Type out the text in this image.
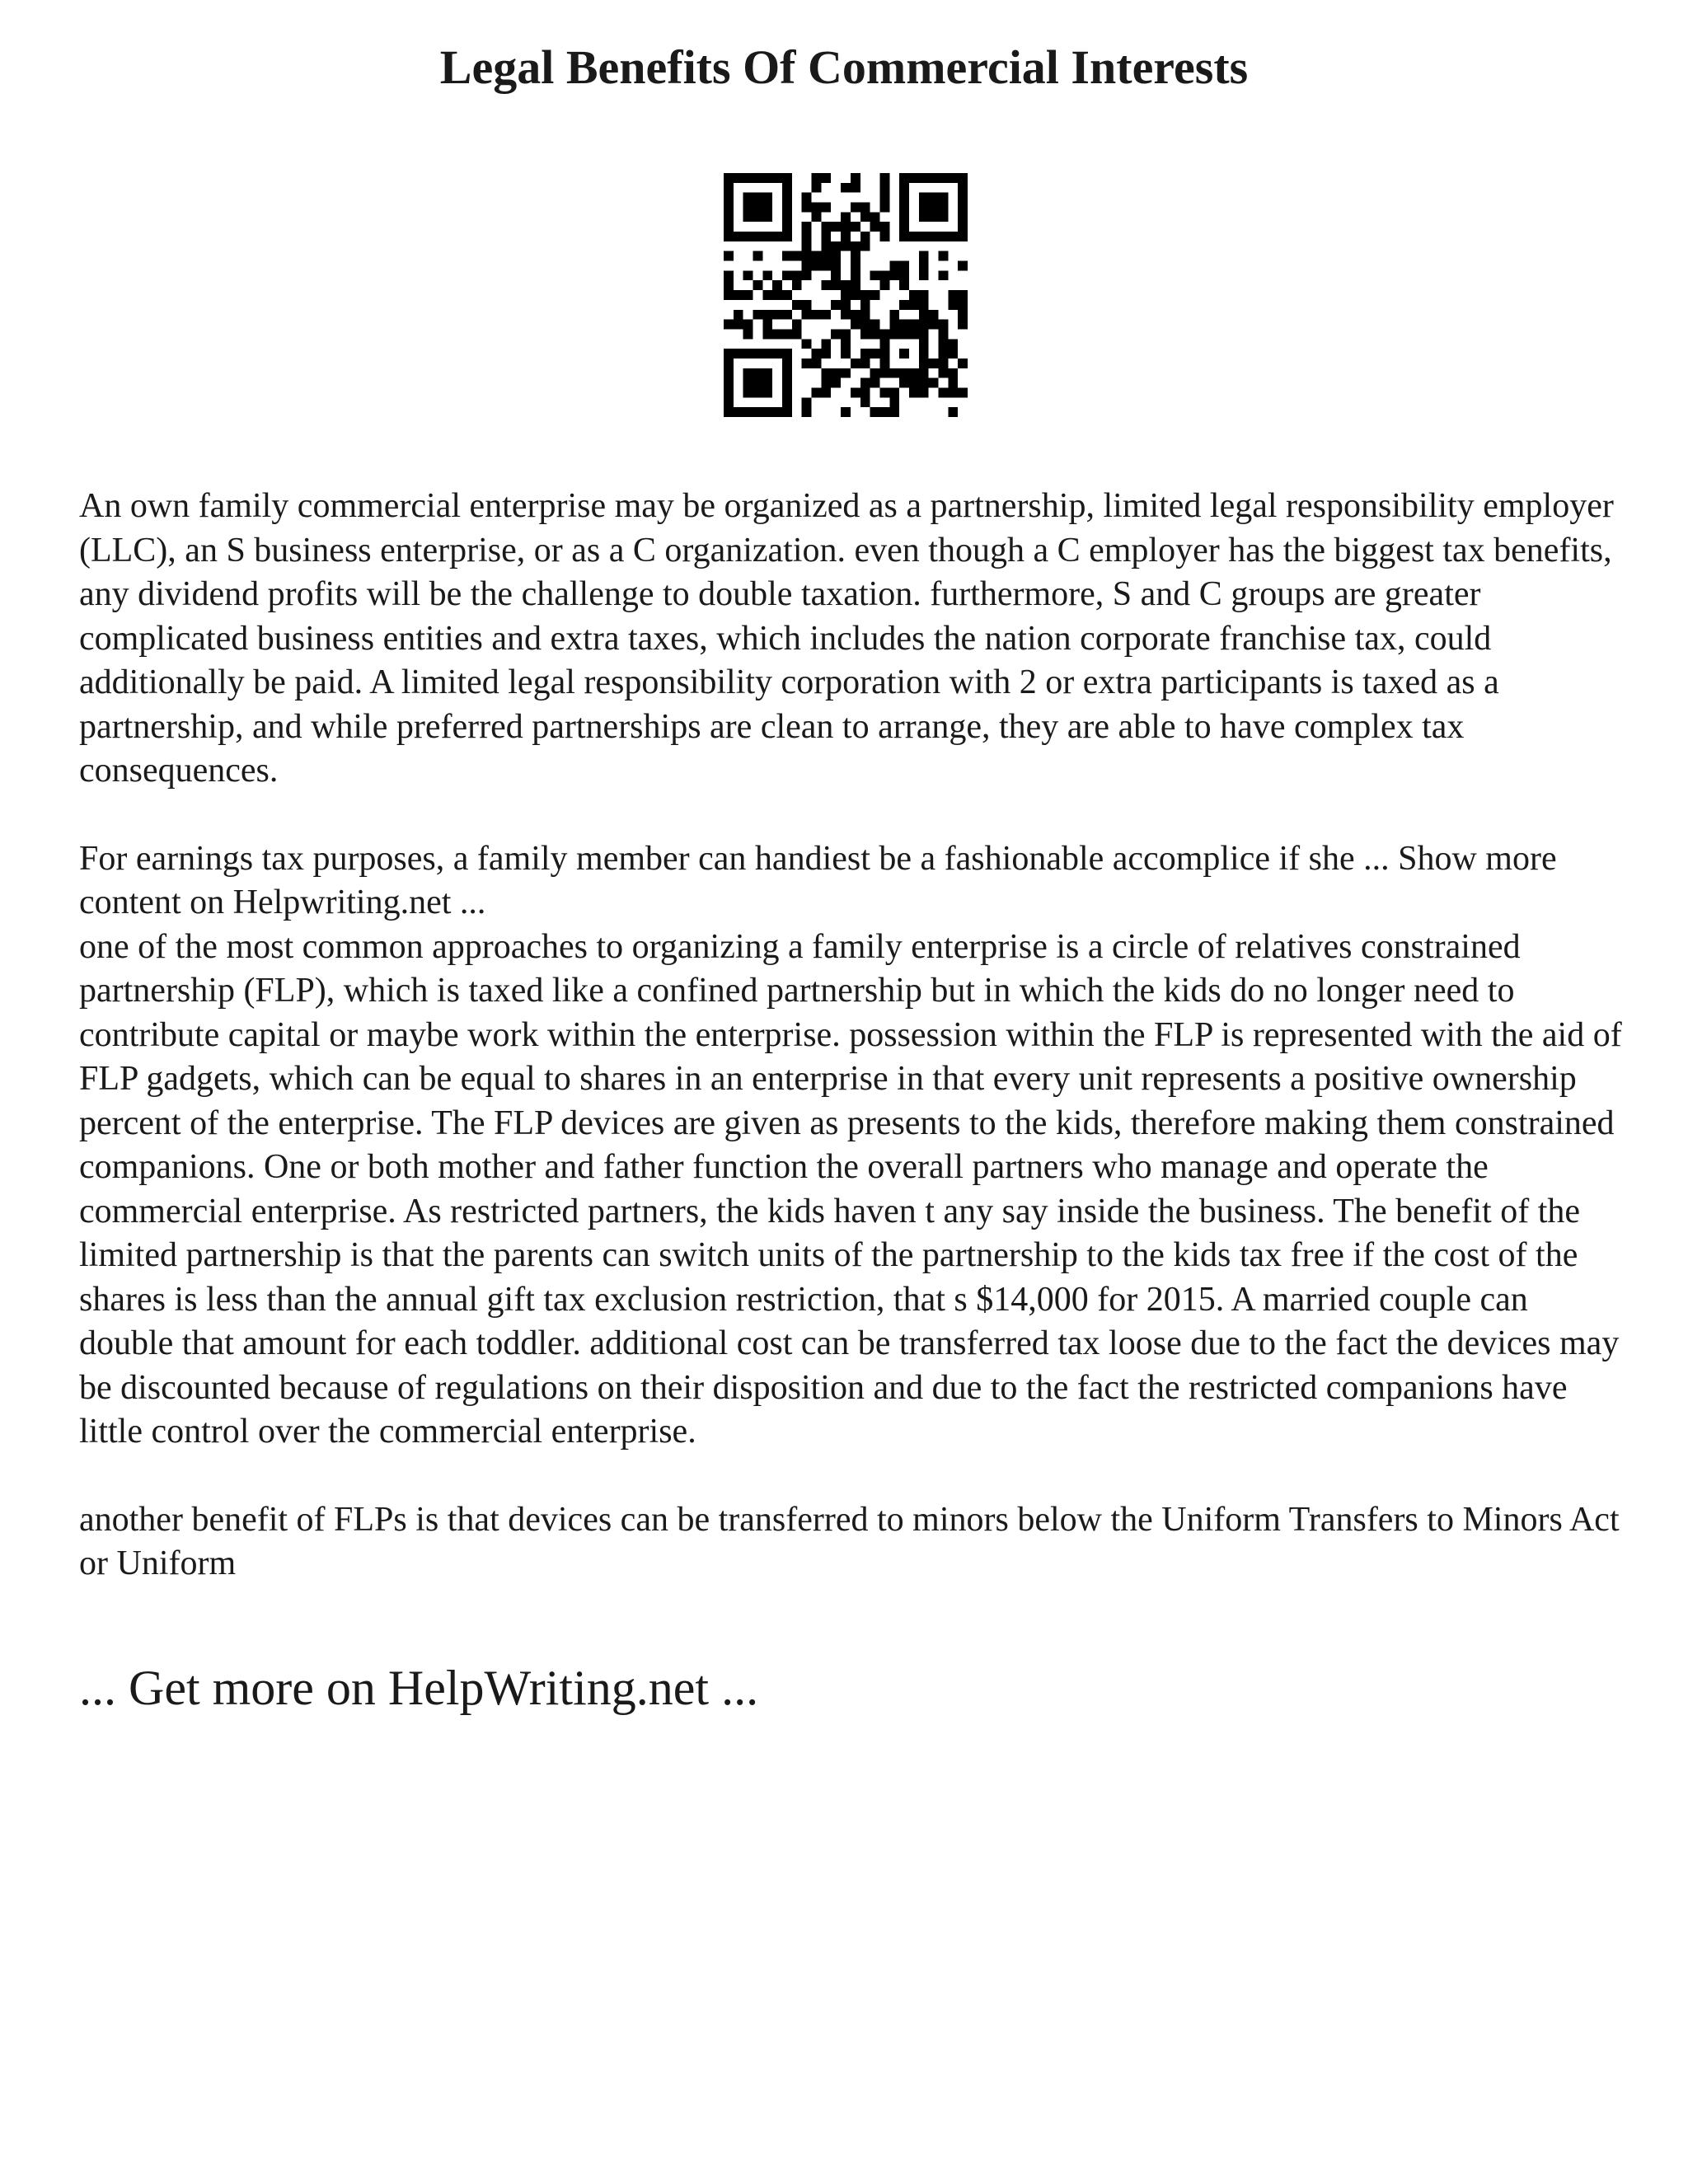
Legal Benefits Of Commercial Interests

An own family commercial enterprise may be organized as a partnership, limited legal responsibility employer (LLC), an S business enterprise, or as a C organization. even though a C employer has the biggest tax benefits, any dividend profits will be the challenge to double taxation. furthermore, S and C groups are greater complicated business entities and extra taxes, which includes the nation corporate franchise tax, could additionally be paid. A limited legal responsibility corporation with 2 or extra participants is taxed as a partnership, and while preferred partnerships are clean to arrange, they are able to have complex tax consequences.

For earnings tax purposes, a family member can handiest be a fashionable accomplice if she ... Show more content on Helpwriting.net ...

one of the most common approaches to organizing a family enterprise is a circle of relatives constrained partnership (FLP), which is taxed like a confined partnership but in which the kids do no longer need to contribute capital or maybe work within the enterprise. possession within the FLP is represented with the aid of FLP gadgets, which can be equal to shares in an enterprise in that every unit represents a positive ownership percent of the enterprise. The FLP devices are given as presents to the kids, therefore making them constrained companions. One or both mother and father function the overall partners who manage and operate the commercial enterprise. As restricted partners, the kids haven t any say inside the business. The benefit of the limited partnership is that the parents can switch units of the partnership to the kids tax free if the cost of the shares is less than the annual gift tax exclusion restriction, that s $14,000 for 2015. A married couple can double that amount for each toddler. additional cost can be transferred tax loose due to the fact the devices may be discounted because of regulations on their disposition and due to the fact the restricted companions have little control over the commercial enterprise.

another benefit of FLPs is that devices can be transferred to minors below the Uniform Transfers to Minors Act or Uniform

... Get more on HelpWriting.net ...
